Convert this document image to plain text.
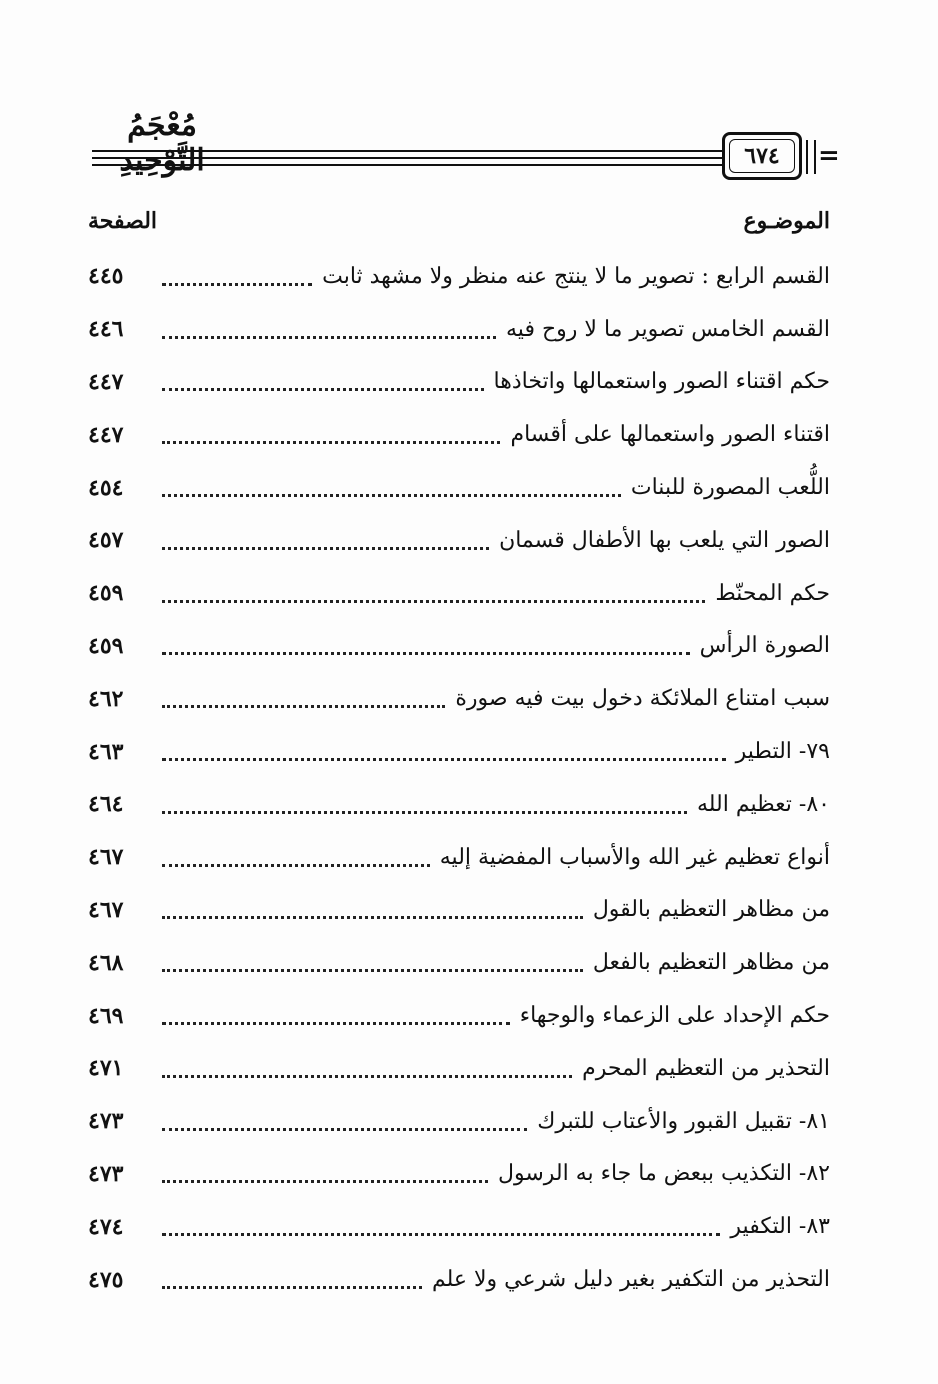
مُعْجَمُ التَّوْحِيدِ	٦٧٤	=
الموضـوع
الصفحة
القسم الرابع : تصوير ما لا ينتج عنه منظر ولا مشهد ثابت
٤٤٥
القسم الخامس تصوير ما لا روح فيه
٤٤٦
حكم اقتناء الصور واستعمالها واتخاذها
٤٤٧
اقتناء الصور واستعمالها على أقسام
٤٤٧
اللُّعب المصورة للبنات
٤٥٤
الصور التي يلعب بها الأطفال قسمان
٤٥٧
حكم المحنّط
٤٥٩
الصورة الرأس
٤٥٩
سبب امتناع الملائكة دخول بيت فيه صورة
٤٦٢
٧٩- التطير
٤٦٣
٨٠- تعظيم الله
٤٦٤
أنواع تعظيم غير الله والأسباب المفضية إليه
٤٦٧
من مظاهر التعظيم بالقول
٤٦٧
من مظاهر التعظيم بالفعل
٤٦٨
حكم الإحداد على الزعماء والوجهاء
٤٦٩
التحذير من التعظيم المحرم
٤٧١
٨١- تقبيل القبور والأعتاب للتبرك
٤٧٣
٨٢- التكذيب ببعض ما جاء به الرسول
٤٧٣
٨٣- التكفير
٤٧٤
التحذير من التكفير بغير دليل شرعي ولا علم
٤٧٥
